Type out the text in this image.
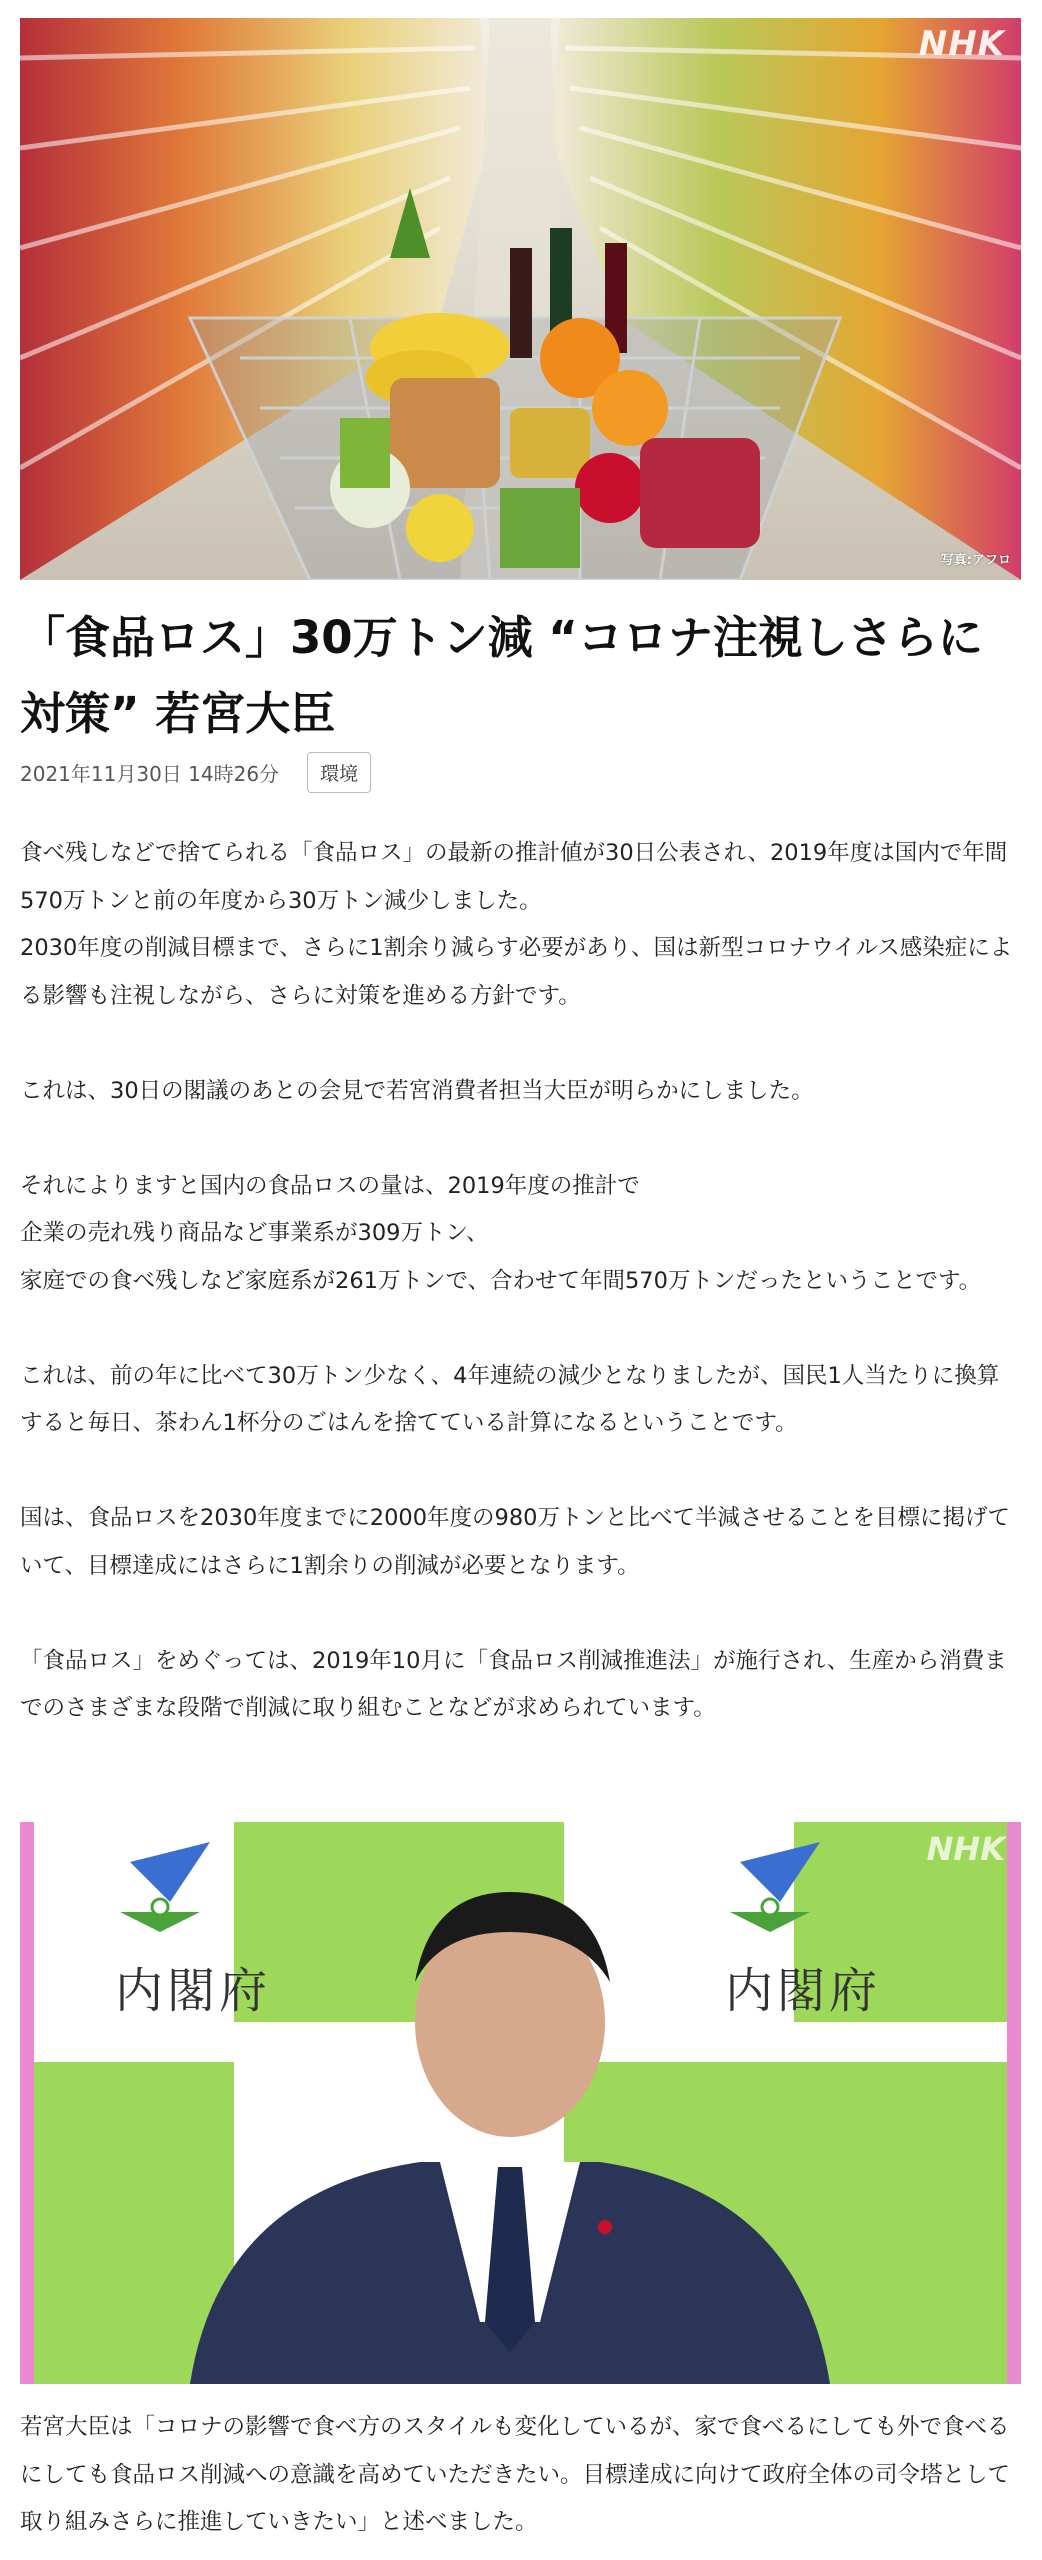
NHK
写真:アフロ
「食品ロス」30万トン減 “コロナ注視しさらに対策” 若宮大臣
2021年11月30日 14時26分	環境

食べ残しなどで捨てられる「食品ロス」の最新の推計値が30日公表され、2019年度は国内で年間570万トンと前の年度から30万トン減少しました。

2030年度の削減目標まで、さらに1割余り減らす必要があり、国は新型コロナウイルス感染症による影響も注視しながら、さらに対策を進める方針です。

これは、30日の閣議のあとの会見で若宮消費者担当大臣が明らかにしました。

それによりますと国内の食品ロスの量は、2019年度の推計で

企業の売れ残り商品など事業系が309万トン、

家庭での食べ残しなど家庭系が261万トンで、合わせて年間570万トンだったということです。

これは、前の年に比べて30万トン少なく、4年連続の減少となりましたが、国民1人当たりに換算すると毎日、茶わん1杯分のごはんを捨てている計算になるということです。

国は、食品ロスを2030年度までに2000年度の980万トンと比べて半減させることを目標に掲げていて、目標達成にはさらに1割余りの削減が必要となります。

「食品ロス」をめぐっては、2019年10月に「食品ロス削減推進法」が施行され、生産から消費までのさまざまな段階で削減に取り組むことなどが求められています。

内閣府	内閣府
NHK

若宮大臣は「コロナの影響で食べ方のスタイルも変化しているが、家で食べるにしても外で食べるにしても食品ロス削減への意識を高めていただきたい。目標達成に向けて政府全体の司令塔として取り組みさらに推進していきたい」と述べました。
